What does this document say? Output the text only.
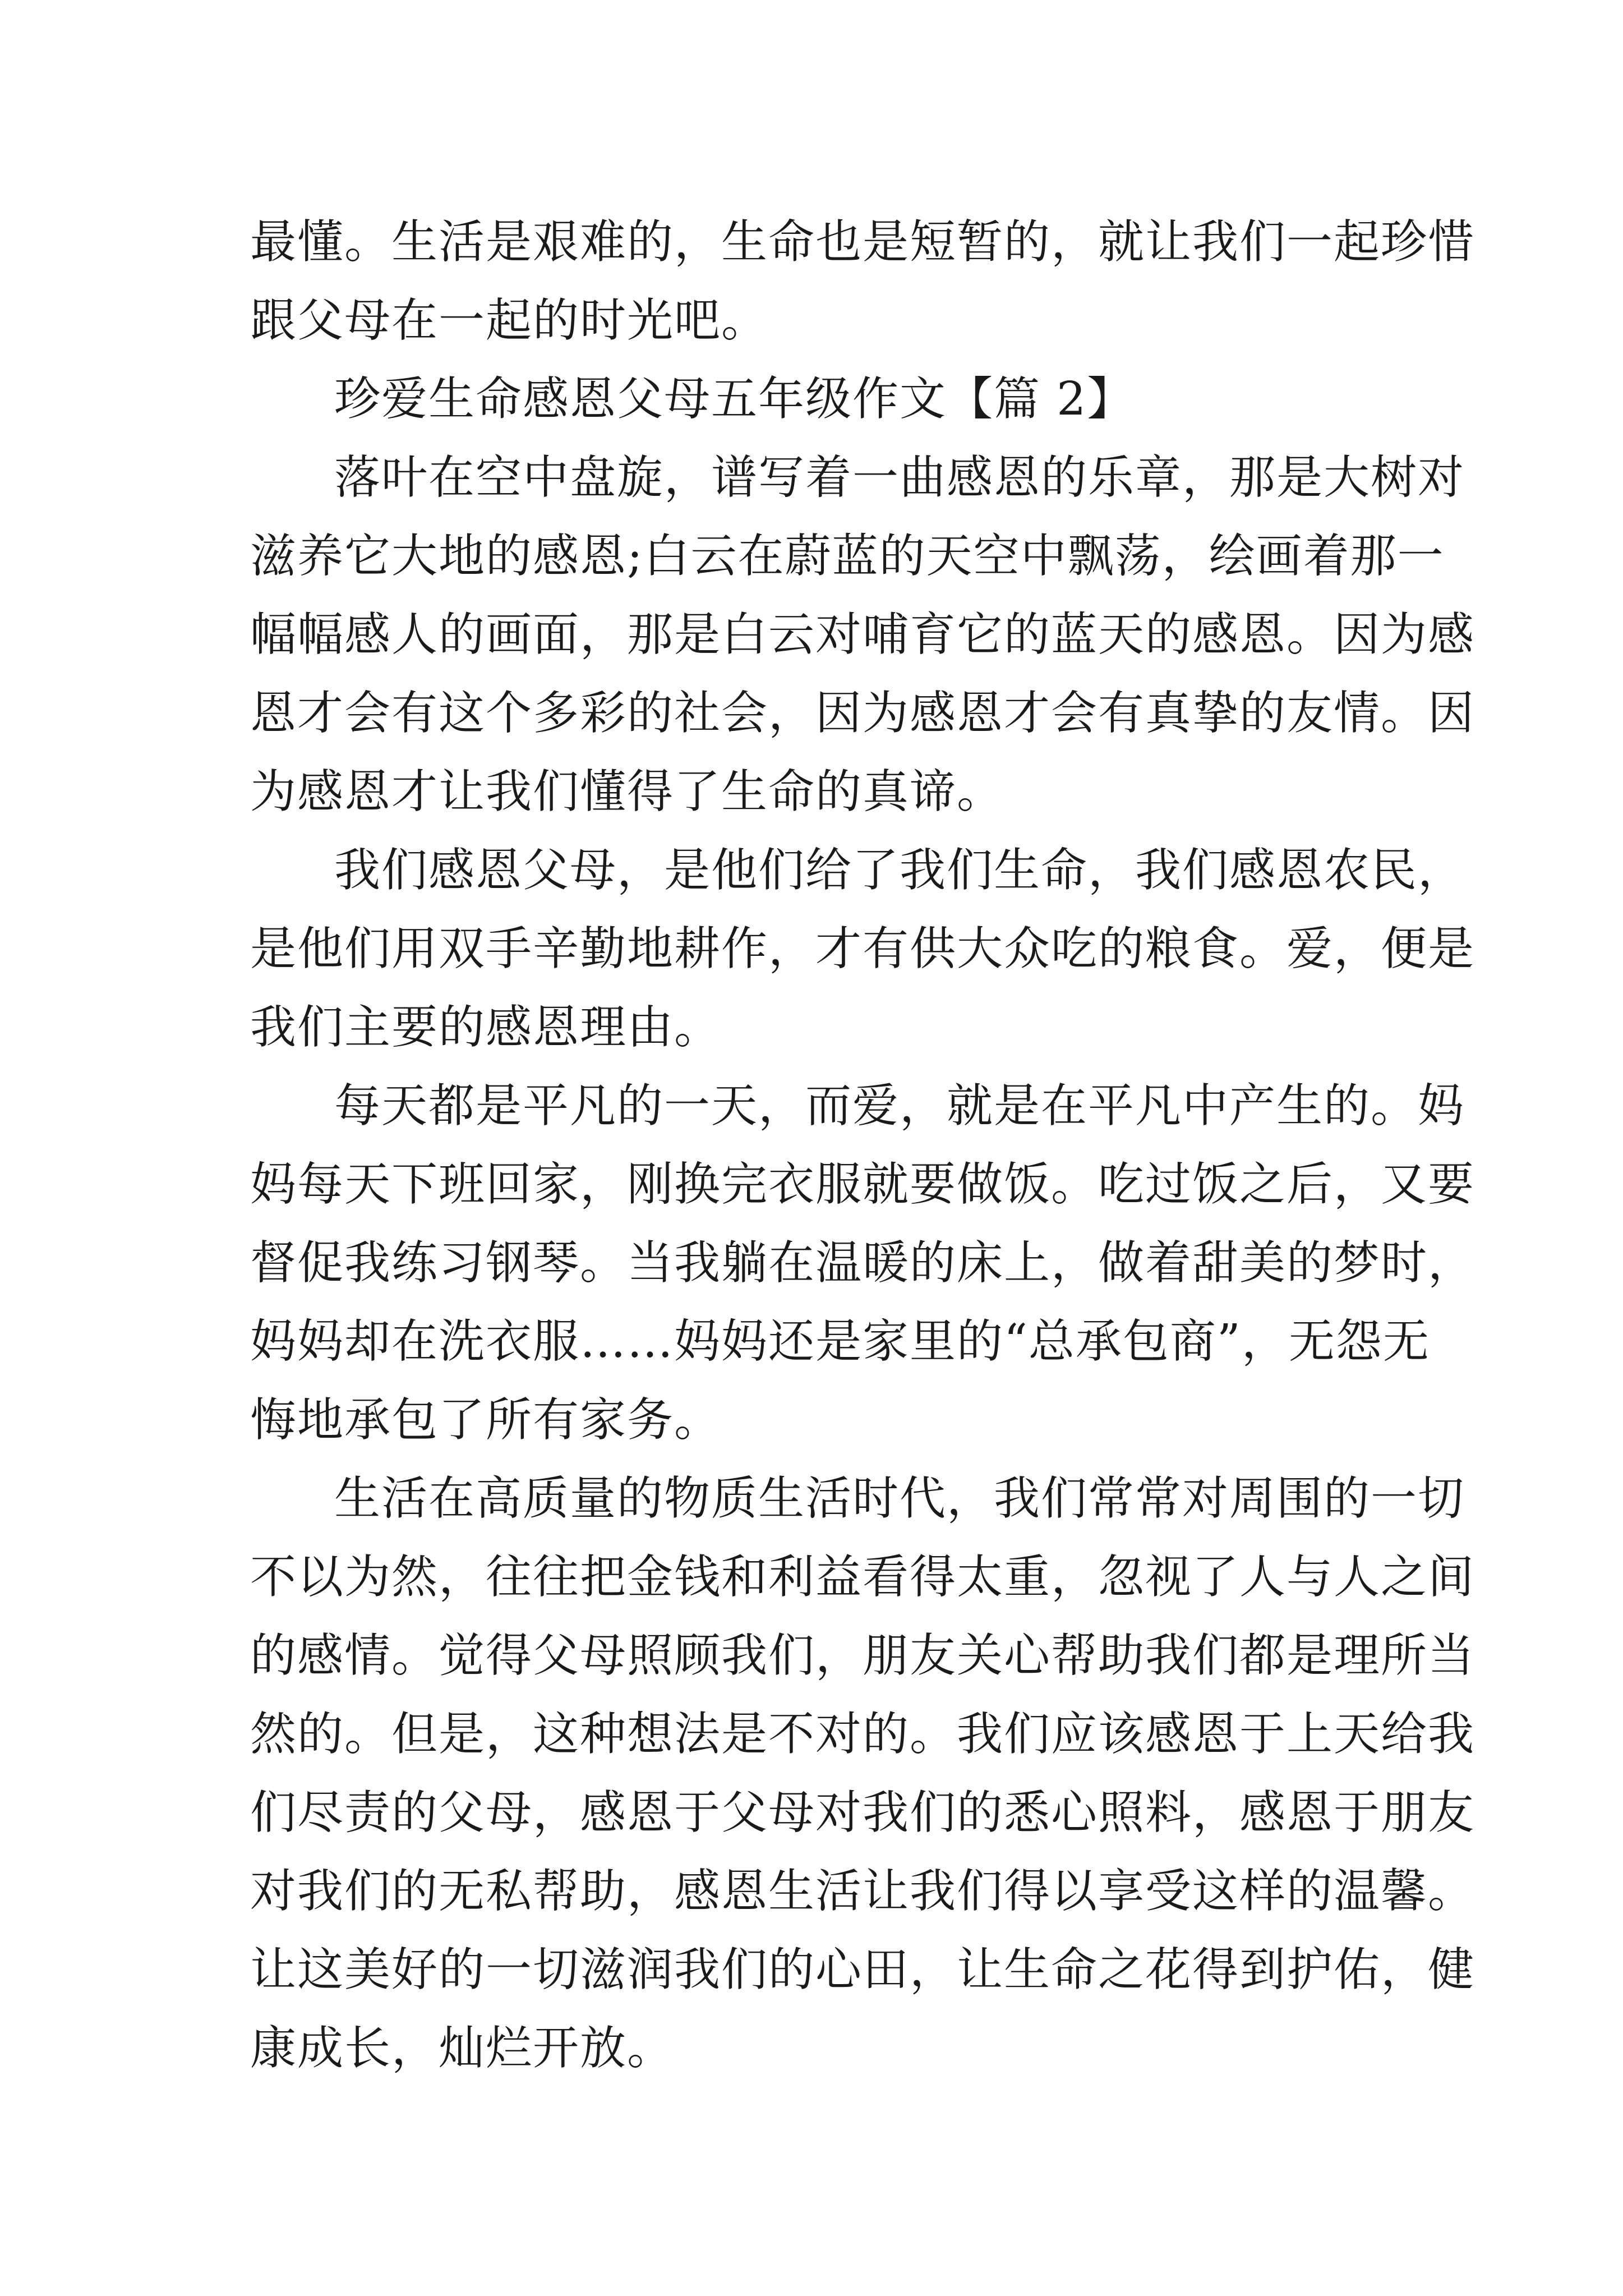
最懂。生活是艰难的，生命也是短暂的，就让我们一起珍惜
跟父母在一起的时光吧。
珍爱生命感恩父母五年级作文【篇 2】
落叶在空中盘旋，谱写着一曲感恩的乐章，那是大树对
滋养它大地的感恩;白云在蔚蓝的天空中飘荡，绘画着那一
幅幅感人的画面，那是白云对哺育它的蓝天的感恩。因为感
恩才会有这个多彩的社会，因为感恩才会有真挚的友情。因
为感恩才让我们懂得了生命的真谛。
我们感恩父母，是他们给了我们生命，我们感恩农民，
是他们用双手辛勤地耕作，才有供大众吃的粮食。爱，便是
我们主要的感恩理由。
每天都是平凡的一天，而爱，就是在平凡中产生的。妈
妈每天下班回家，刚换完衣服就要做饭。吃过饭之后，又要
督促我练习钢琴。当我躺在温暖的床上，做着甜美的梦时，
妈妈却在洗衣服……妈妈还是家里的“总承包商”，无怨无
悔地承包了所有家务。
生活在高质量的物质生活时代，我们常常对周围的一切
不以为然，往往把金钱和利益看得太重，忽视了人与人之间
的感情。觉得父母照顾我们，朋友关心帮助我们都是理所当
然的。但是，这种想法是不对的。我们应该感恩于上天给我
们尽责的父母，感恩于父母对我们的悉心照料，感恩于朋友
对我们的无私帮助，感恩生活让我们得以享受这样的温馨。
让这美好的一切滋润我们的心田，让生命之花得到护佑，健
康成长，灿烂开放。
